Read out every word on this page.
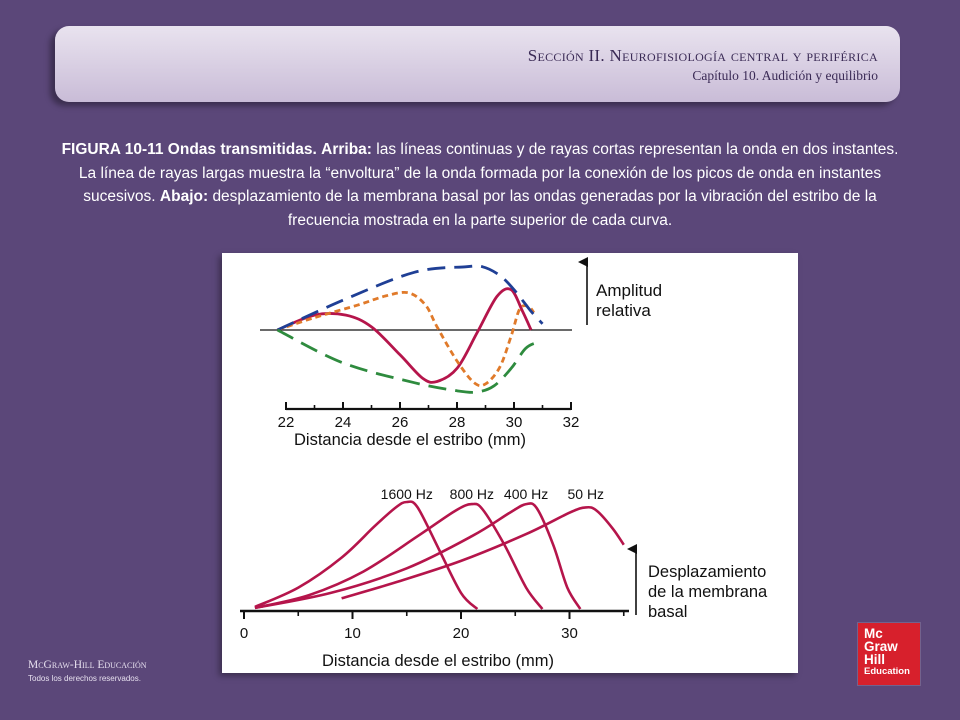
Sección II. Neurofisiología central y periférica
Capítulo 10. Audición y equilibrio
FIGURA 10-11 Ondas transmitidas. Arriba: las líneas continuas y de rayas cortas representan la onda en dos instantes. La línea de rayas largas muestra la “envoltura” de la onda formada por la conexión de los picos de onda en instantes sucesivos. Abajo: desplazamiento de la membrana basal por las ondas generadas por la vibración del estribo de la frecuencia mostrada en la parte superior de cada curva.
22	24	26	28	30	32
Distancia desde el estribo (mm)
Amplitud
relativa
0	10	20	30
Distancia desde el estribo (mm)
1600 Hz 800 Hz 400 Hz 50 Hz
Desplazamiento
de la membrana
basal
McGraw-Hill Educación
Todos los derechos reservados.
Mc
Graw
Hill
Education
